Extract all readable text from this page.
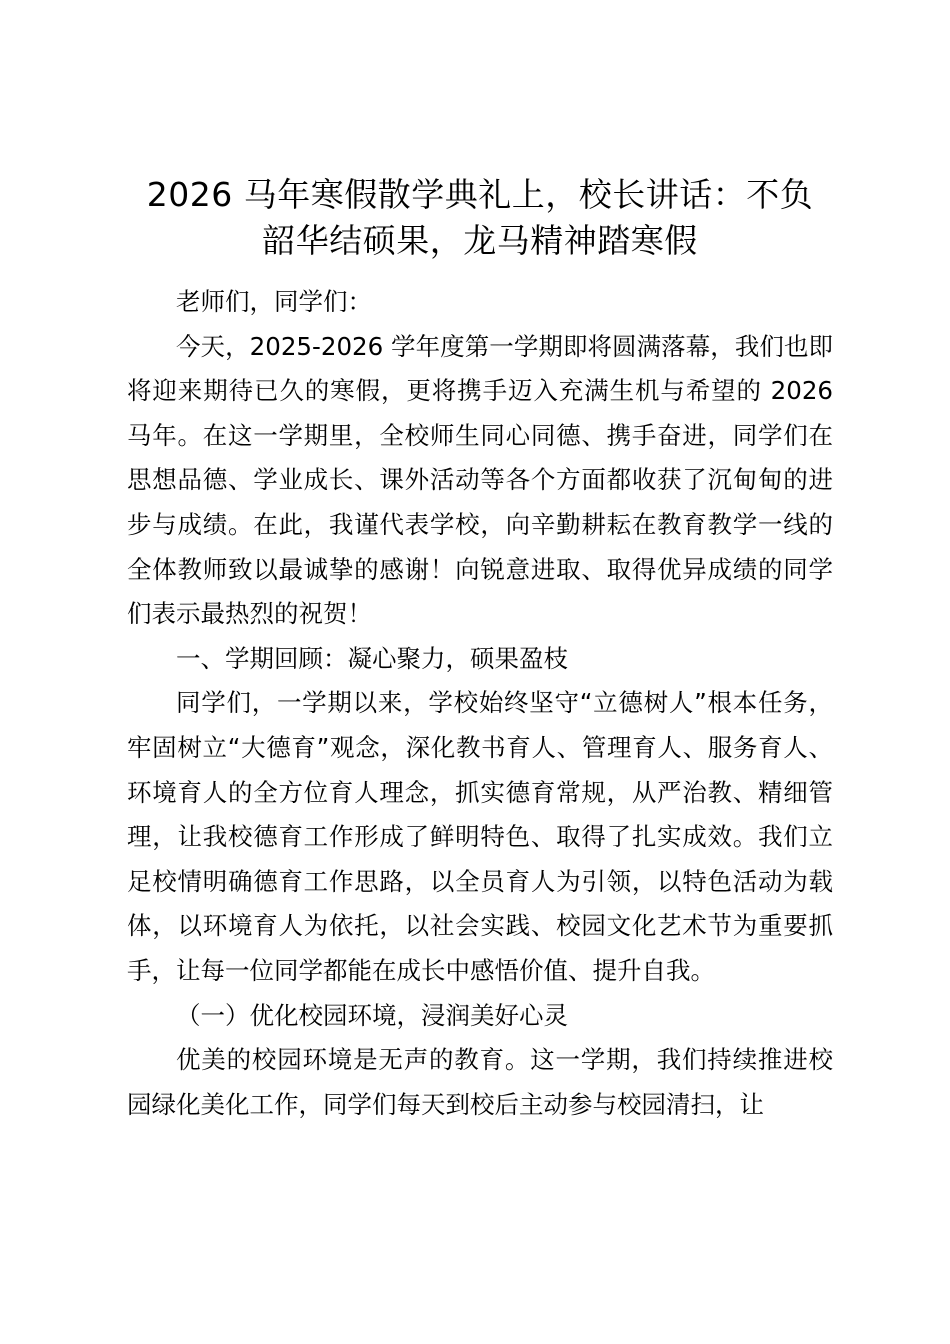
2026 马年寒假散学典礼上，校长讲话：不负
韶华结硕果，龙马精神踏寒假

老师们，同学们：

今天，2025-2026 学年度第一学期即将圆满落幕，我们也即将迎来期待已久的寒假，更将携手迈入充满生机与希望的 2026 马年。在这一学期里，全校师生同心同德、携手奋进，同学们在思想品德、学业成长、课外活动等各个方面都收获了沉甸甸的进步与成绩。在此，我谨代表学校，向辛勤耕耘在教育教学一线的全体教师致以最诚挚的感谢！向锐意进取、取得优异成绩的同学们表示最热烈的祝贺！

一、学期回顾：凝心聚力，硕果盈枝

同学们，一学期以来，学校始终坚守“立德树人”根本任务，牢固树立“大德育”观念，深化教书育人、管理育人、服务育人、环境育人的全方位育人理念，抓实德育常规，从严治教、精细管理，让我校德育工作形成了鲜明特色、取得了扎实成效。我们立足校情明确德育工作思路，以全员育人为引领，以特色活动为载体，以环境育人为依托，以社会实践、校园文化艺术节为重要抓手，让每一位同学都能在成长中感悟价值、提升自我。

（一）优化校园环境，浸润美好心灵

优美的校园环境是无声的教育。这一学期，我们持续推进校园绿化美化工作，同学们每天到校后主动参与校园清扫，让
